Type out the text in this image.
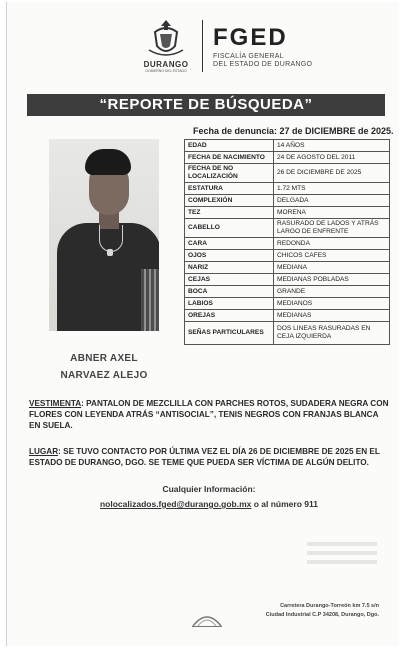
DURANGO
GOBIERNO DEL ESTADO
FGED
FISCALÍA GENERAL
DEL ESTADO DE DURANGO
“REPORTE DE BÚSQUEDA”
Fecha de denuncia: 27 de DICIEMBRE de 2025.
ABNER AXEL
NARVAEZ ALEJO
EDAD	14 AÑOS
FECHA DE NACIMIENTO	24 DE AGOSTO DEL 2011
FECHA DE NO LOCALIZACIÓN	26 DE DICIEMBRE DE 2025
ESTATURA	1.72 MTS
COMPLEXIÓN	DELGADA
TEZ	MORENA
CABELLO	RASURADO DE LADOS Y ATRÁS LARGO DE ENFRENTE
CARA	REDONDA
OJOS	CHICOS CAFES
NARIZ	MEDIANA
CEJAS	MEDIANAS POBLADAS
BOCA	GRANDE
LABIOS	MEDIANOS
OREJAS	MEDIANAS
SEÑAS PARTICULARES	DOS LINEAS RASURADAS EN CEJA IZQUIERDA
VESTIMENTA: PANTALON DE MEZCLILLA CON PARCHES ROTOS, SUDADERA NEGRA CON FLORES CON LEYENDA ATRÁS “ANTISOCIAL”, TENIS NEGROS CON FRANJAS BLANCA EN SUELA.
LUGAR: SE TUVO CONTACTO POR ÚLTIMA VEZ EL DÍA 26 DE DICIEMBRE DE 2025 EN EL ESTADO DE DURANGO, DGO. SE TEME QUE PUEDA SER VÍCTIMA DE ALGÚN DELITO.
Cualquier Información:
nolocalizados.fged@durango.gob.mx o al número 911
Carretera Durango-Torreón km 7.5 s/n
Ciudad Industrial C.P 34208, Durango, Dgo.
